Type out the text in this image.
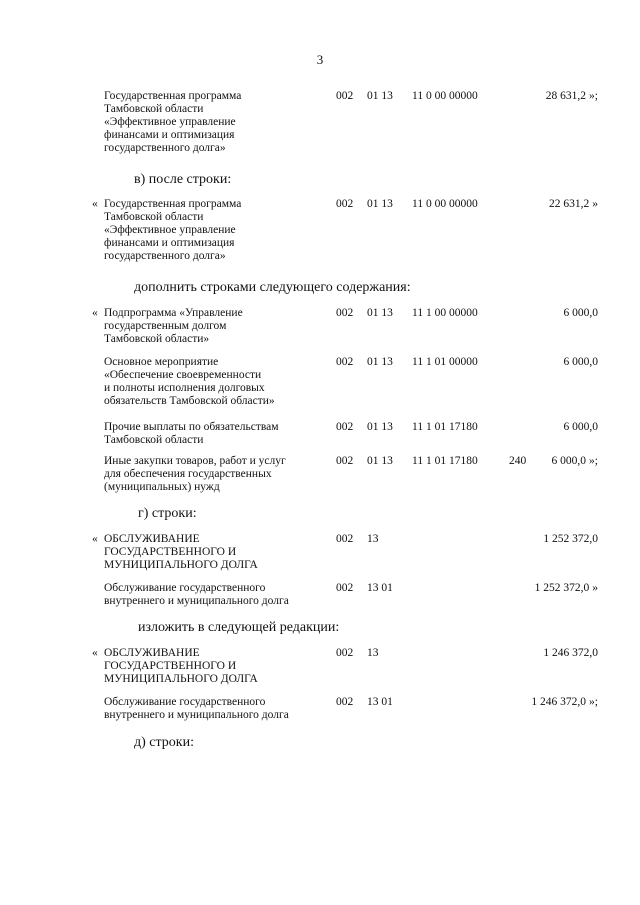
3
Государственная программа
Тамбовской области
«Эффективное управление
финансами и оптимизация
государственного долга»
002 01 13 11 0 00 00000	28 631,2 »;
« Государственная программа
Тамбовской области
«Эффективное управление
финансами и оптимизация
государственного долга»
002 01 13 11 0 00 00000	22 631,2 »
« Подпрограмма «Управление
государственным долгом
Тамбовской области»
002 01 13 11 1 00 00000	6 000,0
Основное мероприятие
«Обеспечение своевременности
и полноты исполнения долговых
обязательств Тамбовской области»
002 01 13 11 1 01 00000	6 000,0
Прочие выплаты по обязательствам
Тамбовской области
002 01 13 11 1 01 17180	6 000,0
Иные закупки товаров, работ и услуг
для обеспечения государственных
(муниципальных) нужд
002 01 13 11 1 01 17180	240 6 000,0 »;
« ОБСЛУЖИВАНИЕ
ГОСУДАРСТВЕННОГО И
МУНИЦИПАЛЬНОГО ДОЛГА
002 13	1 252 372,0
Обслуживание государственного
внутреннего и муниципального долга
002 13 01	1 252 372,0 »
« ОБСЛУЖИВАНИЕ
ГОСУДАРСТВЕННОГО И
МУНИЦИПАЛЬНОГО ДОЛГА
002 13	1 246 372,0
Обслуживание государственного
внутреннего и муниципального долга
002 13 01	1 246 372,0 »;
в) после строки:
дополнить строками следующего содержания:
г) строки:
изложить в следующей редакции:
д) строки:
